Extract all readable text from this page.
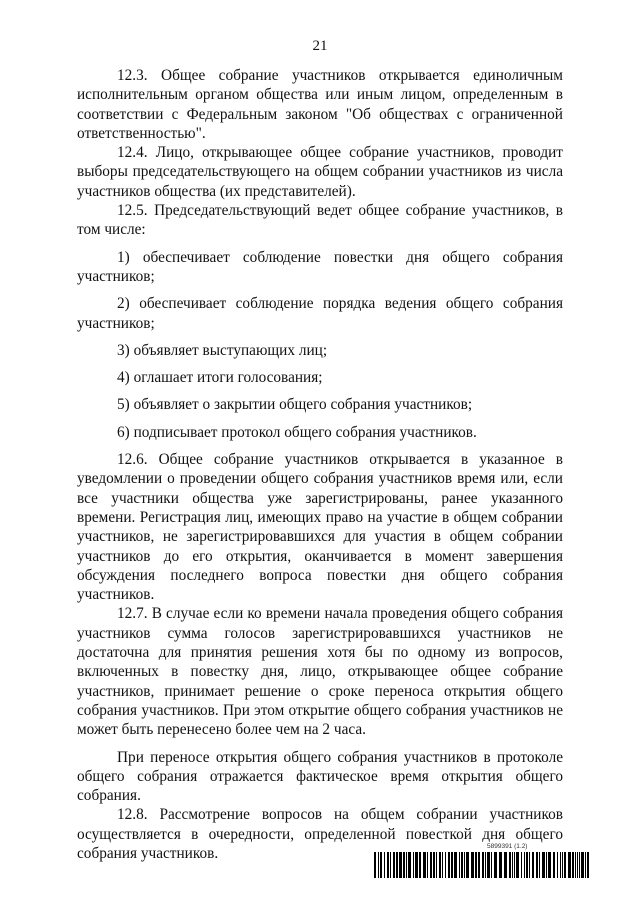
21

12.3. Общее собрание участников открывается единоличным исполнительным органом общества или иным лицом, определенным в соответствии с Федеральным законом "Об обществах с ограниченной ответственностью".

12.4. Лицо, открывающее общее собрание участников, проводит выборы председательствующего на общем собрании участников из числа участников общества (их представителей).

12.5. Председательствующий ведет общее собрание участников, в том числе:

1) обеспечивает соблюдение повестки дня общего собрания участников;

2) обеспечивает соблюдение порядка ведения общего собрания участников;

3) объявляет выступающих лиц;

4) оглашает итоги голосования;

5) объявляет о закрытии общего собрания участников;

6) подписывает протокол общего собрания участников.

12.6. Общее собрание участников открывается в указанное в уведомлении о проведении общего собрания участников время или, если все участники общества уже зарегистрированы, ранее указанного времени. Регистрация лиц, имеющих право на участие в общем собрании участников, не зарегистрировавшихся для участия в общем собрании участников до его открытия, оканчивается в момент завершения обсуждения последнего вопроса повестки дня общего собрания участников.

12.7. В случае если ко времени начала проведения общего собрания участников сумма голосов зарегистрировавшихся участников не достаточна для принятия решения хотя бы по одному из вопросов, включенных в повестку дня, лицо, открывающее общее собрание участников, принимает решение о сроке переноса открытия общего собрания участников. При этом открытие общего собрания участников не может быть перенесено более чем на 2 часа.

При переносе открытия общего собрания участников в протоколе общего собрания отражается фактическое время открытия общего собрания.

12.8. Рассмотрение вопросов на общем собрании участников осуществляется в очередности, определенной повесткой дня общего собрания участников.	5899391 (1.2)
